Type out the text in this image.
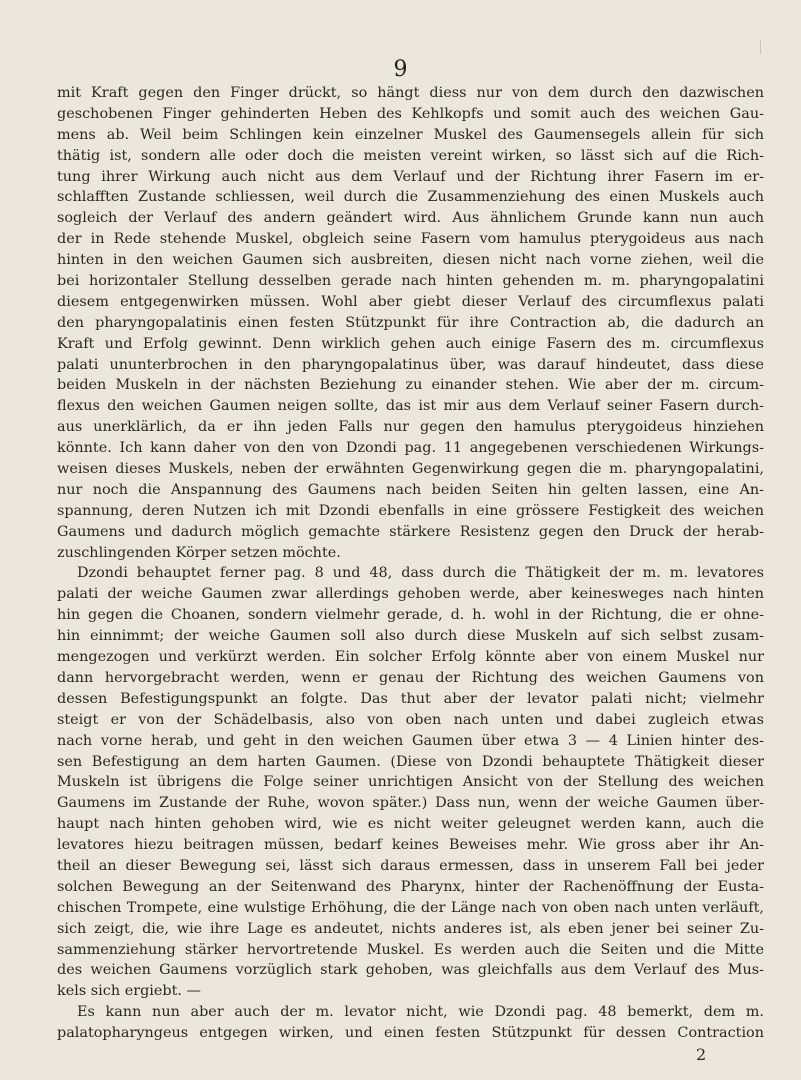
9
mit Kraft gegen den Finger drückt, so hängt diess nur von dem durch den dazwischen
geschobenen Finger gehinderten Heben des Kehlkopfs und somit auch des weichen Gau-
mens ab. Weil beim Schlingen kein einzelner Muskel des Gaumensegels allein für sich
thätig ist, sondern alle oder doch die meisten vereint wirken, so lässt sich auf die Rich-
tung ihrer Wirkung auch nicht aus dem Verlauf und der Richtung ihrer Fasern im er-
schlafften Zustande schliessen, weil durch die Zusammenziehung des einen Muskels auch
sogleich der Verlauf des andern geändert wird. Aus ähnlichem Grunde kann nun auch
der in Rede stehende Muskel, obgleich seine Fasern vom hamulus pterygoideus aus nach
hinten in den weichen Gaumen sich ausbreiten, diesen nicht nach vorne ziehen, weil die
bei horizontaler Stellung desselben gerade nach hinten gehenden m. m. pharyngopalatini
diesem entgegenwirken müssen. Wohl aber giebt dieser Verlauf des circumflexus palati
den pharyngopalatinis einen festen Stützpunkt für ihre Contraction ab, die dadurch an
Kraft und Erfolg gewinnt. Denn wirklich gehen auch einige Fasern des m. circumflexus
palati ununterbrochen in den pharyngopalatinus über, was darauf hindeutet, dass diese
beiden Muskeln in der nächsten Beziehung zu einander stehen. Wie aber der m. circum-
flexus den weichen Gaumen neigen sollte, das ist mir aus dem Verlauf seiner Fasern durch-
aus unerklärlich, da er ihn jeden Falls nur gegen den hamulus pterygoideus hinziehen
könnte. Ich kann daher von den von Dzondi pag. 11 angegebenen verschiedenen Wirkungs-
weisen dieses Muskels, neben der erwähnten Gegenwirkung gegen die m. pharyngopalatini,
nur noch die Anspannung des Gaumens nach beiden Seiten hin gelten lassen, eine An-
spannung, deren Nutzen ich mit Dzondi ebenfalls in eine grössere Festigkeit des weichen
Gaumens und dadurch möglich gemachte stärkere Resistenz gegen den Druck der herab-
zuschlingenden Körper setzen möchte.
Dzondi behauptet ferner pag. 8 und 48, dass durch die Thätigkeit der m. m. levatores
palati der weiche Gaumen zwar allerdings gehoben werde, aber keinesweges nach hinten
hin gegen die Choanen, sondern vielmehr gerade, d. h. wohl in der Richtung, die er ohne-
hin einnimmt; der weiche Gaumen soll also durch diese Muskeln auf sich selbst zusam-
mengezogen und verkürzt werden. Ein solcher Erfolg könnte aber von einem Muskel nur
dann hervorgebracht werden, wenn er genau der Richtung des weichen Gaumens von
dessen Befestigungspunkt an folgte. Das thut aber der levator palati nicht; vielmehr
steigt er von der Schädelbasis, also von oben nach unten und dabei zugleich etwas
nach vorne herab, und geht in den weichen Gaumen über etwa 3 — 4 Linien hinter des-
sen Befestigung an dem harten Gaumen. (Diese von Dzondi behauptete Thätigkeit dieser
Muskeln ist übrigens die Folge seiner unrichtigen Ansicht von der Stellung des weichen
Gaumens im Zustande der Ruhe, wovon später.) Dass nun, wenn der weiche Gaumen über-
haupt nach hinten gehoben wird, wie es nicht weiter geleugnet werden kann, auch die
levatores hiezu beitragen müssen, bedarf keines Beweises mehr. Wie gross aber ihr An-
theil an dieser Bewegung sei, lässt sich daraus ermessen, dass in unserem Fall bei jeder
solchen Bewegung an der Seitenwand des Pharynx, hinter der Rachenöffnung der Eusta-
chischen Trompete, eine wulstige Erhöhung, die der Länge nach von oben nach unten verläuft,
sich zeigt, die, wie ihre Lage es andeutet, nichts anderes ist, als eben jener bei seiner Zu-
sammenziehung stärker hervortretende Muskel. Es werden auch die Seiten und die Mitte
des weichen Gaumens vorzüglich stark gehoben, was gleichfalls aus dem Verlauf des Mus-
kels sich ergiebt. —
Es kann nun aber auch der m. levator nicht, wie Dzondi pag. 48 bemerkt, dem m.
palatopharyngeus entgegen wirken, und einen festen Stützpunkt für dessen Contraction
2
